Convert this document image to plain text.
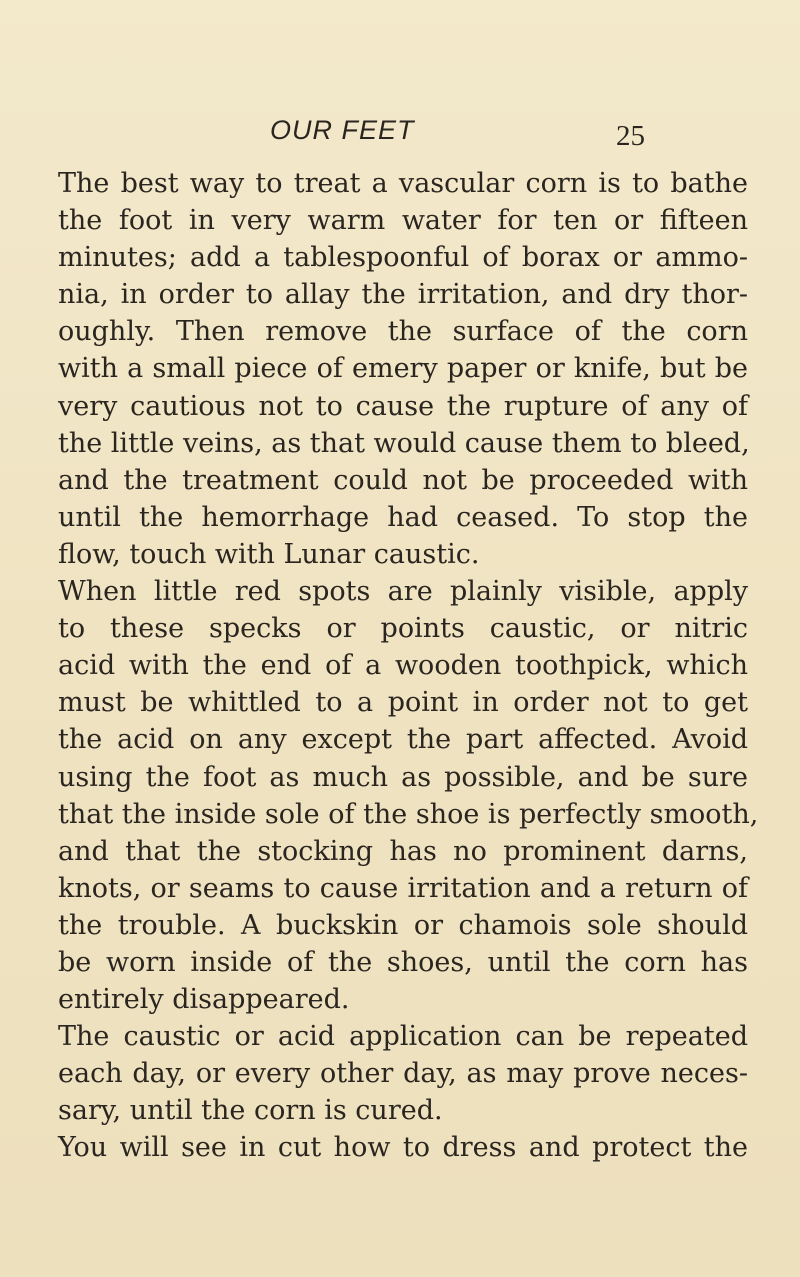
OUR FEET	25
The best way to treat a vascular corn is to bathe
the foot in very warm water for ten or fifteen
minutes; add a tablespoonful of borax or ammo-
nia, in order to allay the irritation, and dry thor-
oughly. Then remove the surface of the corn
with a small piece of emery paper or knife, but be
very cautious not to cause the rupture of any of
the little veins, as that would cause them to bleed,
and the treatment could not be proceeded with
until the hemorrhage had ceased. To stop the
flow, touch with Lunar caustic.
When little red spots are plainly visible, apply
to these specks or points caustic, or nitric
acid with the end of a wooden toothpick, which
must be whittled to a point in order not to get
the acid on any except the part affected. Avoid
using the foot as much as possible, and be sure
that the inside sole of the shoe is perfectly smooth,
and that the stocking has no prominent darns,
knots, or seams to cause irritation and a return of
the trouble. A buckskin or chamois sole should
be worn inside of the shoes, until the corn has
entirely disappeared.
The caustic or acid application can be repeated
each day, or every other day, as may prove neces-
sary, until the corn is cured.
You will see in cut how to dress and protect the
